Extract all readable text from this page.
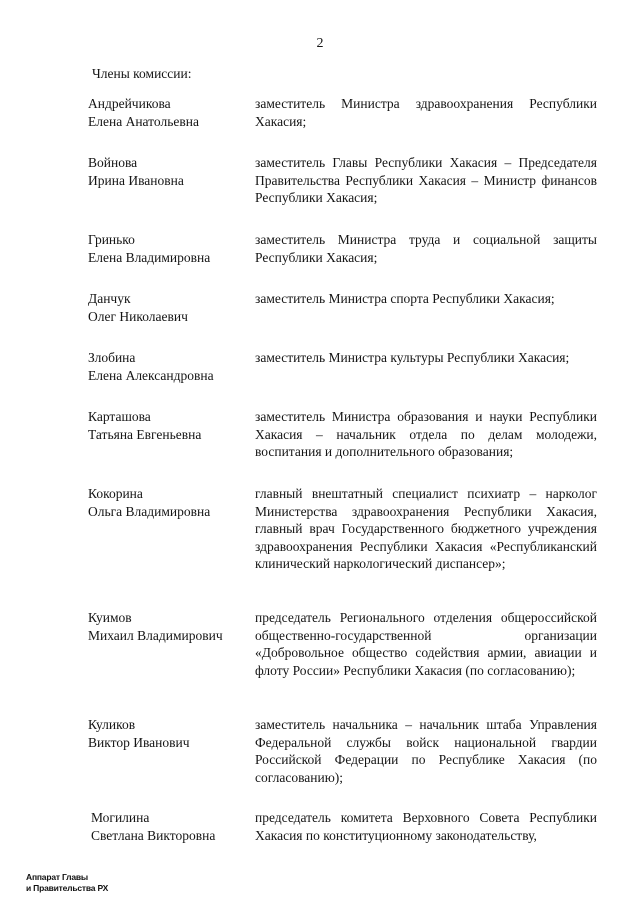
2
Члены комиссии:
Андрейчикова
Елена Анатольевна
заместитель Министра здравоохранения Республики Хакасия;
Войнова
Ирина Ивановна
заместитель Главы Республики Хакасия – Председателя Правительства Республики Хакасия – Министр финансов Республики Хакасия;
Гринько
Елена Владимировна
заместитель Министра труда и социальной защиты Республики Хакасия;
Данчук
Олег Николаевич
заместитель Министра спорта Республики Хакасия;
Злобина
Елена Александровна
заместитель Министра культуры Республики Хакасия;
Карташова
Татьяна Евгеньевна
заместитель Министра образования и науки Республики Хакасия – начальник отдела по делам молодежи, воспитания и дополнительного образования;
Кокорина
Ольга Владимировна
главный внештатный специалист психиатр – нарколог Министерства здравоохранения Республики Хакасия, главный врач Государственного бюджетного учреждения здравоохранения Республики Хакасия «Республиканский клинический наркологический диспансер»;
Куимов
Михаил Владимирович
председатель Регионального отделения общероссийской общественно-государственной организации «Добровольное общество содействия армии, авиации и флоту России» Республики Хакасия (по согласованию);
Куликов
Виктор Иванович
заместитель начальника – начальник штаба Управления Федеральной службы войск национальной гвардии Российской Федерации по Республике Хакасия (по согласованию);
Могилина
Светлана Викторовна
председатель комитета Верховного Совета Республики Хакасия по конституционному законодательству,
Аппарат Главы
и Правительства РХ
